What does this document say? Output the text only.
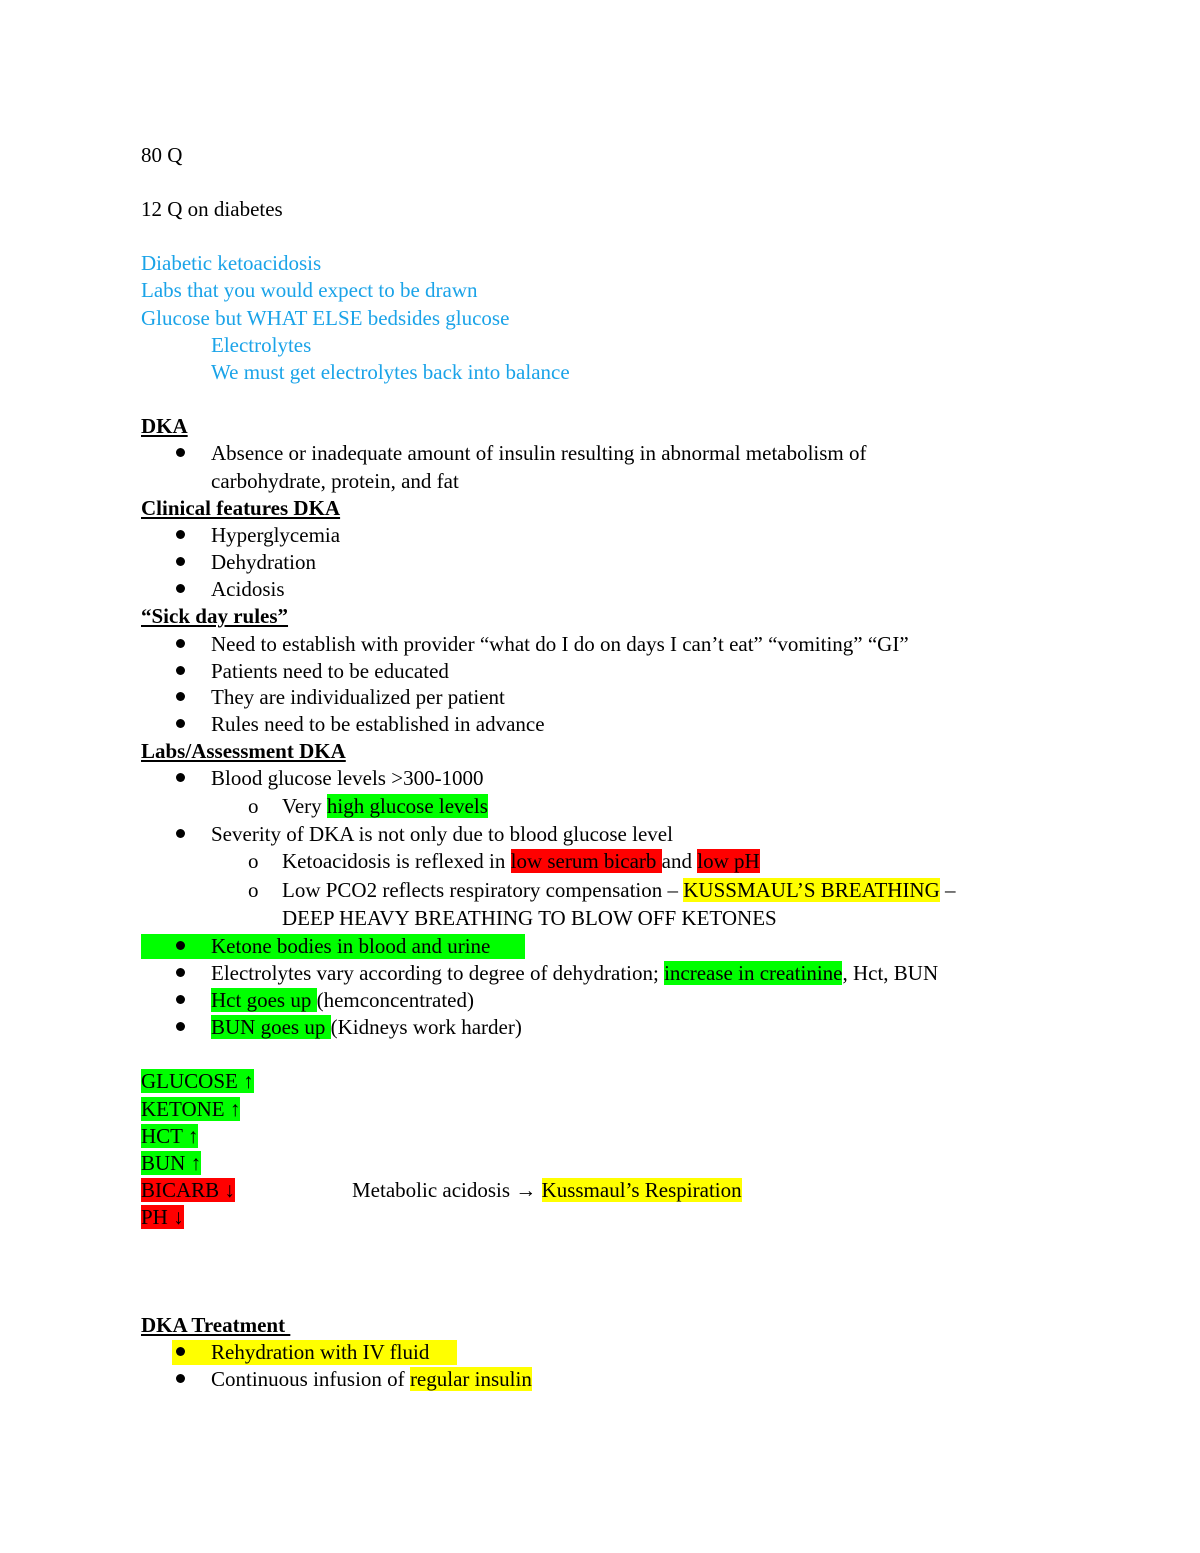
80 Q
12 Q on diabetes
Diabetic ketoacidosis
Labs that you would expect to be drawn
Glucose but WHAT ELSE bedsides glucose
Electrolytes
We must get electrolytes back into balance
DKA
Absence or inadequate amount of insulin resulting in abnormal metabolism of
carbohydrate, protein, and fat
Clinical features DKA
Hyperglycemia
Dehydration
Acidosis
“Sick day rules”
Need to establish with provider “what do I do on days I can’t eat” “vomiting” “GI”
Patients need to be educated
They are individualized per patient
Rules need to be established in advance
Labs/Assessment DKA
Blood glucose levels >300-1000
o Very high glucose levels
Severity of DKA is not only due to blood glucose level
o Ketoacidosis is reflexed in low serum bicarb and low pH
o Low PCO2 reflects respiratory compensation – KUSSMAUL’S BREATHING –
DEEP HEAVY BREATHING TO BLOW OFF KETONES
Ketone bodies in blood and urine
Electrolytes vary according to degree of dehydration; increase in creatinine, Hct, BUN
Hct goes up (hemconcentrated)
BUN goes up (Kidneys work harder)
GLUCOSE ↑
KETONE ↑
HCT ↑
BUN ↑
BICARB ↓
PH ↓
Metabolic acidosis → Kussmaul’s Respiration
DKA Treatment
Rehydration with IV fluid
Continuous infusion of regular insulin
